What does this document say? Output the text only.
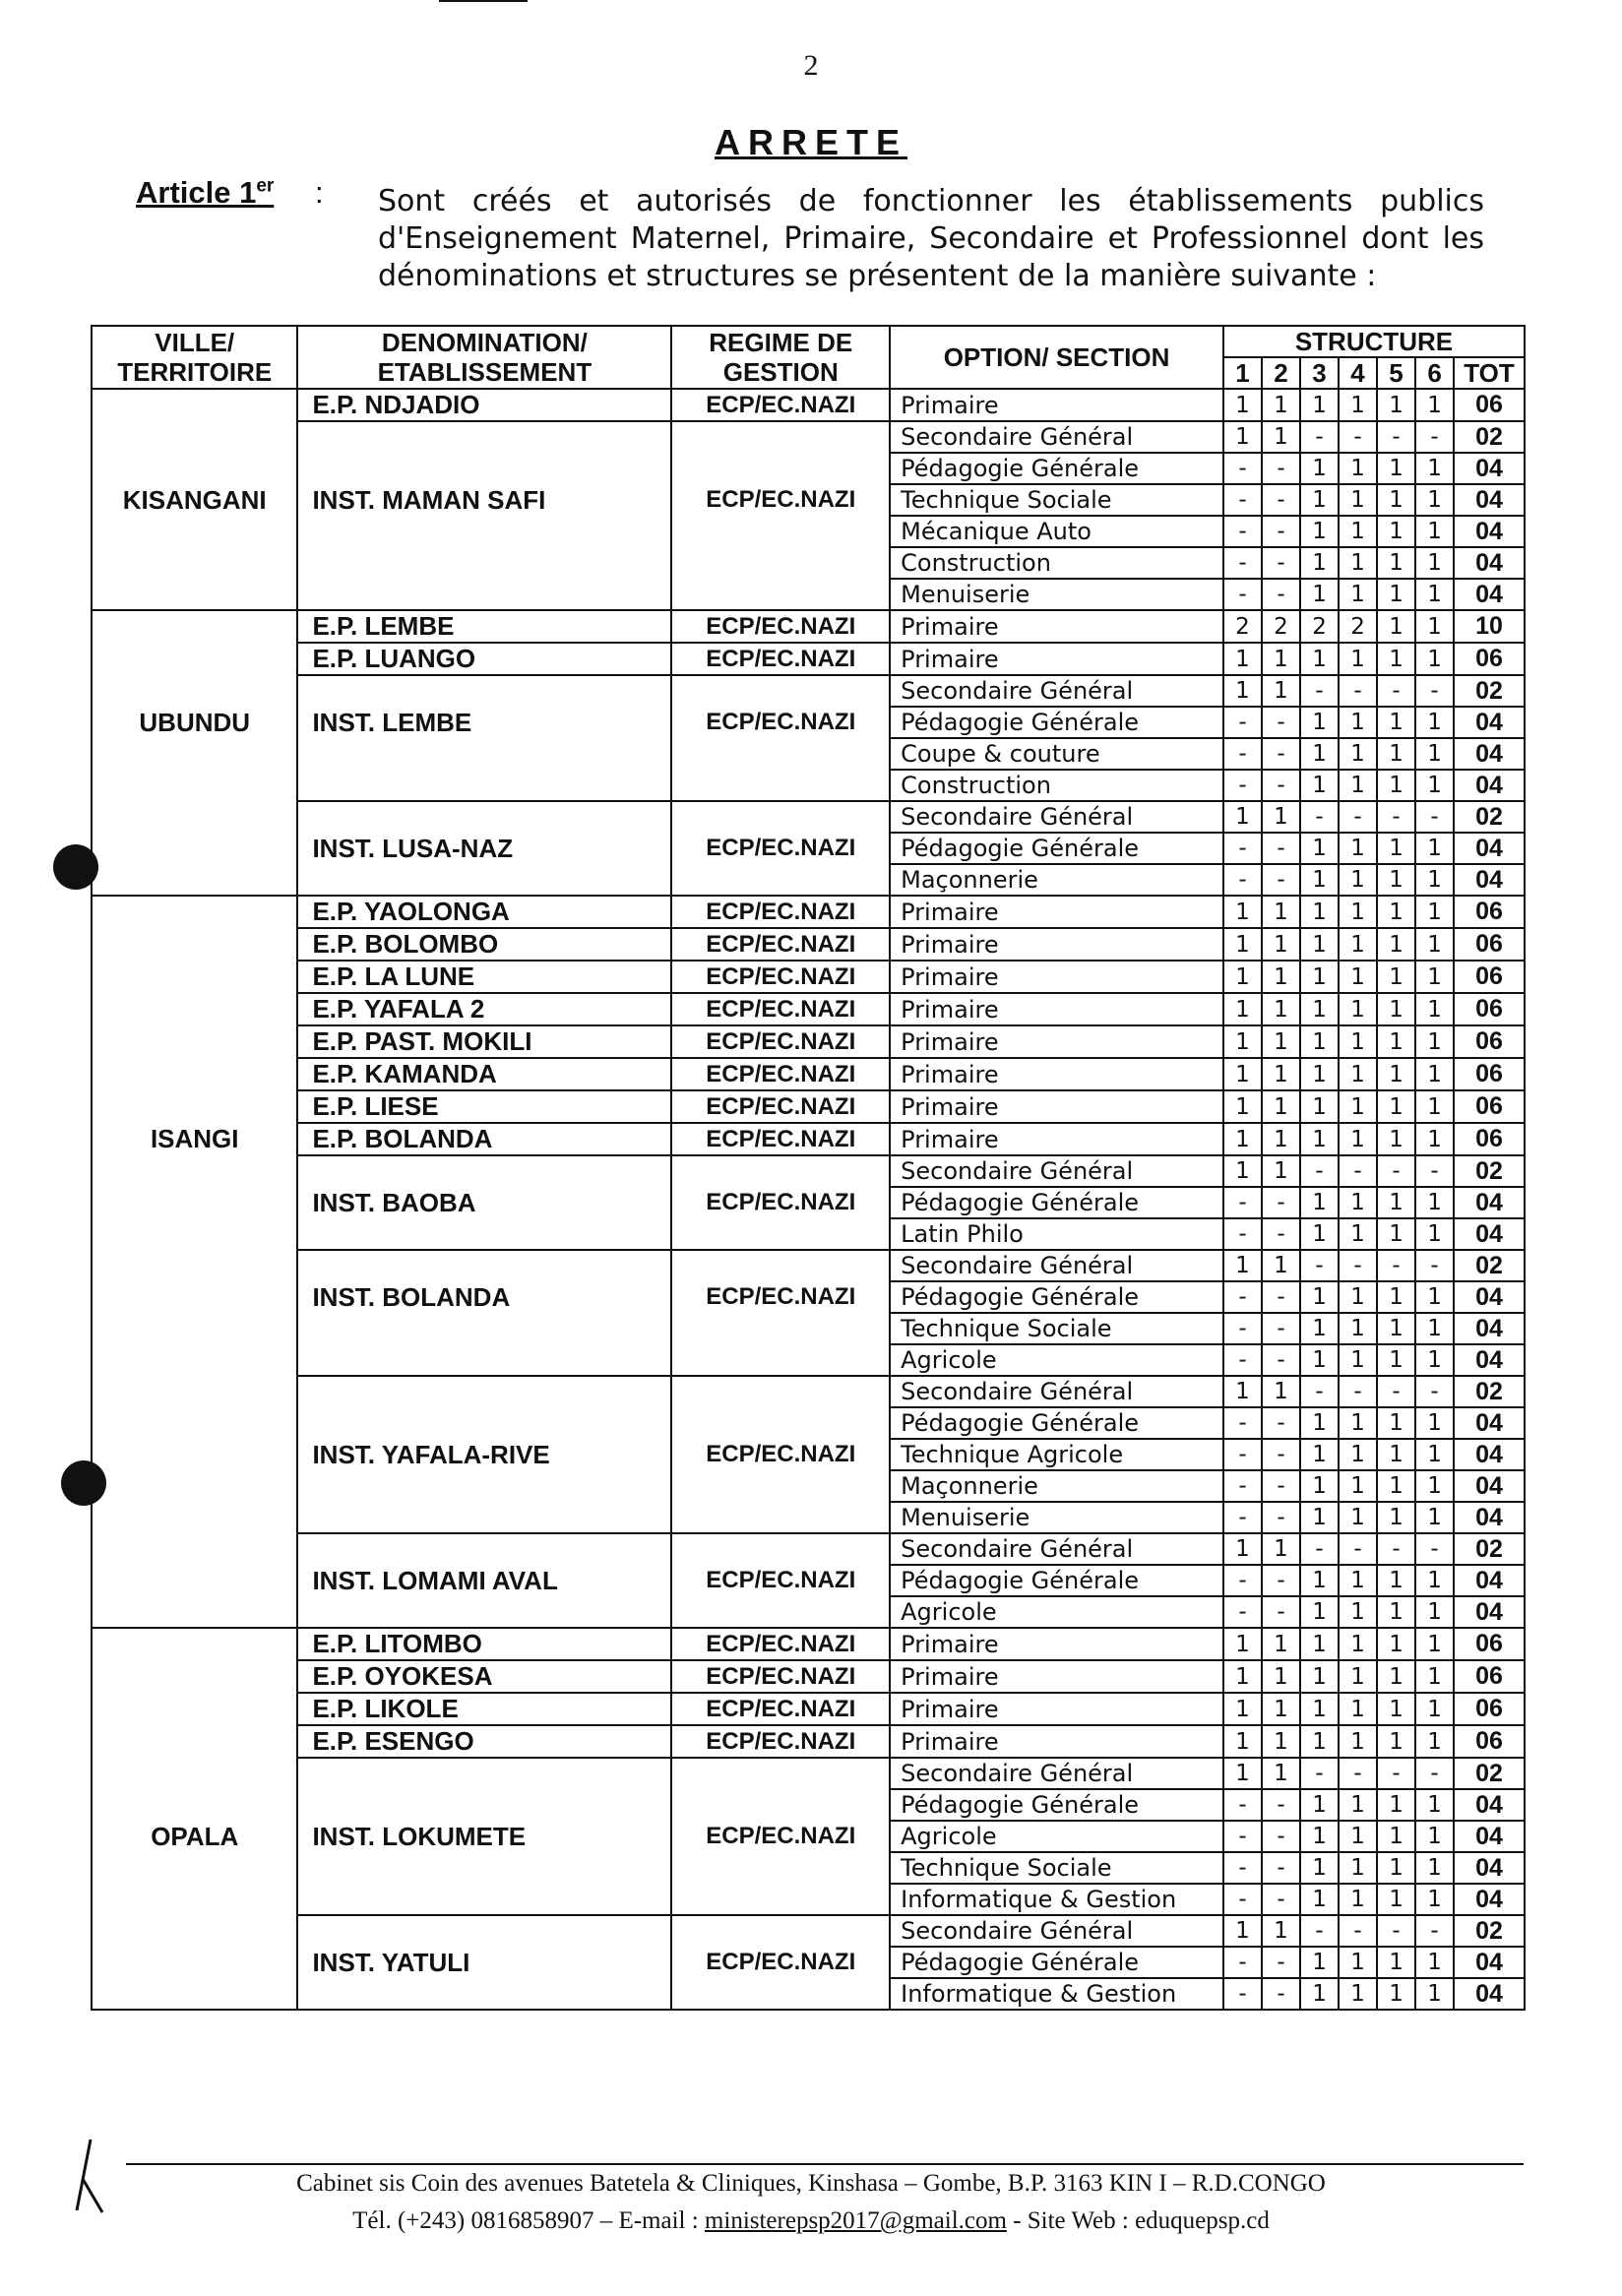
2
ARRETE
Article 1er : Sont créés et autorisés de fonctionner les établissements publics d'Enseignement Maternel, Primaire, Secondaire et Professionnel dont les dénominations et structures se présentent de la manière suivante :
VILLE/ TERRITOIRE	DENOMINATION/ ETABLISSEMENT	REGIME DE GESTION	OPTION/ SECTION	STRUCTURE						
				1	2	3	4	5	6	TOT
	E.P. NDJADIO	ECP/EC.NAZI	Primaire	1	1	1	1	1	1	06
			Secondaire Général	1	1	-	-	-	-	02
			Pédagogie Générale	-	-	1	1	1	1	04
KISANGANI	INST. MAMAN SAFI	ECP/EC.NAZI	Technique Sociale	-	-	1	1	1	1	04
			Mécanique Auto	-	-	1	1	1	1	04
			Construction	-	-	1	1	1	1	04
			Menuiserie	-	-	1	1	1	1	04
	E.P. LEMBE	ECP/EC.NAZI	Primaire	2	2	2	2	1	1	10
	E.P. LUANGO	ECP/EC.NAZI	Primaire	1	1	1	1	1	1	06
			Secondaire Général	1	1	-	-	-	-	02
UBUNDU	INST. LEMBE	ECP/EC.NAZI	Pédagogie Générale	-	-	1	1	1	1	04
			Coupe & couture	-	-	1	1	1	1	04
			Construction	-	-	1	1	1	1	04
			Secondaire Général	1	1	-	-	-	-	02
	INST. LUSA-NAZ	ECP/EC.NAZI	Pédagogie Générale	-	-	1	1	1	1	04
			Maçonnerie	-	-	1	1	1	1	04
	E.P. YAOLONGA	ECP/EC.NAZI	Primaire	1	1	1	1	1	1	06
	E.P. BOLOMBO	ECP/EC.NAZI	Primaire	1	1	1	1	1	1	06
	E.P. LA LUNE	ECP/EC.NAZI	Primaire	1	1	1	1	1	1	06
	E.P. YAFALA 2	ECP/EC.NAZI	Primaire	1	1	1	1	1	1	06
	E.P. PAST. MOKILI	ECP/EC.NAZI	Primaire	1	1	1	1	1	1	06
	E.P. KAMANDA	ECP/EC.NAZI	Primaire	1	1	1	1	1	1	06
	E.P. LIESE	ECP/EC.NAZI	Primaire	1	1	1	1	1	1	06
ISANGI	E.P. BOLANDA	ECP/EC.NAZI	Primaire	1	1	1	1	1	1	06
			Secondaire Général	1	1	-	-	-	-	02
	INST. BAOBA	ECP/EC.NAZI	Pédagogie Générale	-	-	1	1	1	1	04
			Latin Philo	-	-	1	1	1	1	04
			Secondaire Général	1	1	-	-	-	-	02
	INST. BOLANDA	ECP/EC.NAZI	Pédagogie Générale	-	-	1	1	1	1	04
			Technique Sociale	-	-	1	1	1	1	04
			Agricole	-	-	1	1	1	1	04
			Secondaire Général	1	1	-	-	-	-	02
			Pédagogie Générale	-	-	1	1	1	1	04
	INST. YAFALA-RIVE	ECP/EC.NAZI	Technique Agricole	-	-	1	1	1	1	04
			Maçonnerie	-	-	1	1	1	1	04
			Menuiserie	-	-	1	1	1	1	04
			Secondaire Général	1	1	-	-	-	-	02
	INST. LOMAMI AVAL	ECP/EC.NAZI	Pédagogie Générale	-	-	1	1	1	1	04
			Agricole	-	-	1	1	1	1	04
	E.P. LITOMBO	ECP/EC.NAZI	Primaire	1	1	1	1	1	1	06
	E.P. OYOKESA	ECP/EC.NAZI	Primaire	1	1	1	1	1	1	06
	E.P. LIKOLE	ECP/EC.NAZI	Primaire	1	1	1	1	1	1	06
	E.P. ESENGO	ECP/EC.NAZI	Primaire	1	1	1	1	1	1	06
			Secondaire Général	1	1	-	-	-	-	02
			Pédagogie Générale	-	-	1	1	1	1	04
OPALA	INST. LOKUMETE	ECP/EC.NAZI	Agricole	-	-	1	1	1	1	04
			Technique Sociale	-	-	1	1	1	1	04
			Informatique & Gestion	-	-	1	1	1	1	04
			Secondaire Général	1	1	-	-	-	-	02
	INST. YATULI	ECP/EC.NAZI	Pédagogie Générale	-	-	1	1	1	1	04
			Informatique & Gestion	-	-	1	1	1	1	04
Cabinet sis Coin des avenues Batetela & Cliniques, Kinshasa – Gombe, B.P. 3163 KIN I – R.D.CONGO
Tél. (+243) 0816858907 – E-mail : ministerepsp2017@gmail.com - Site Web : eduquepsp.cd
